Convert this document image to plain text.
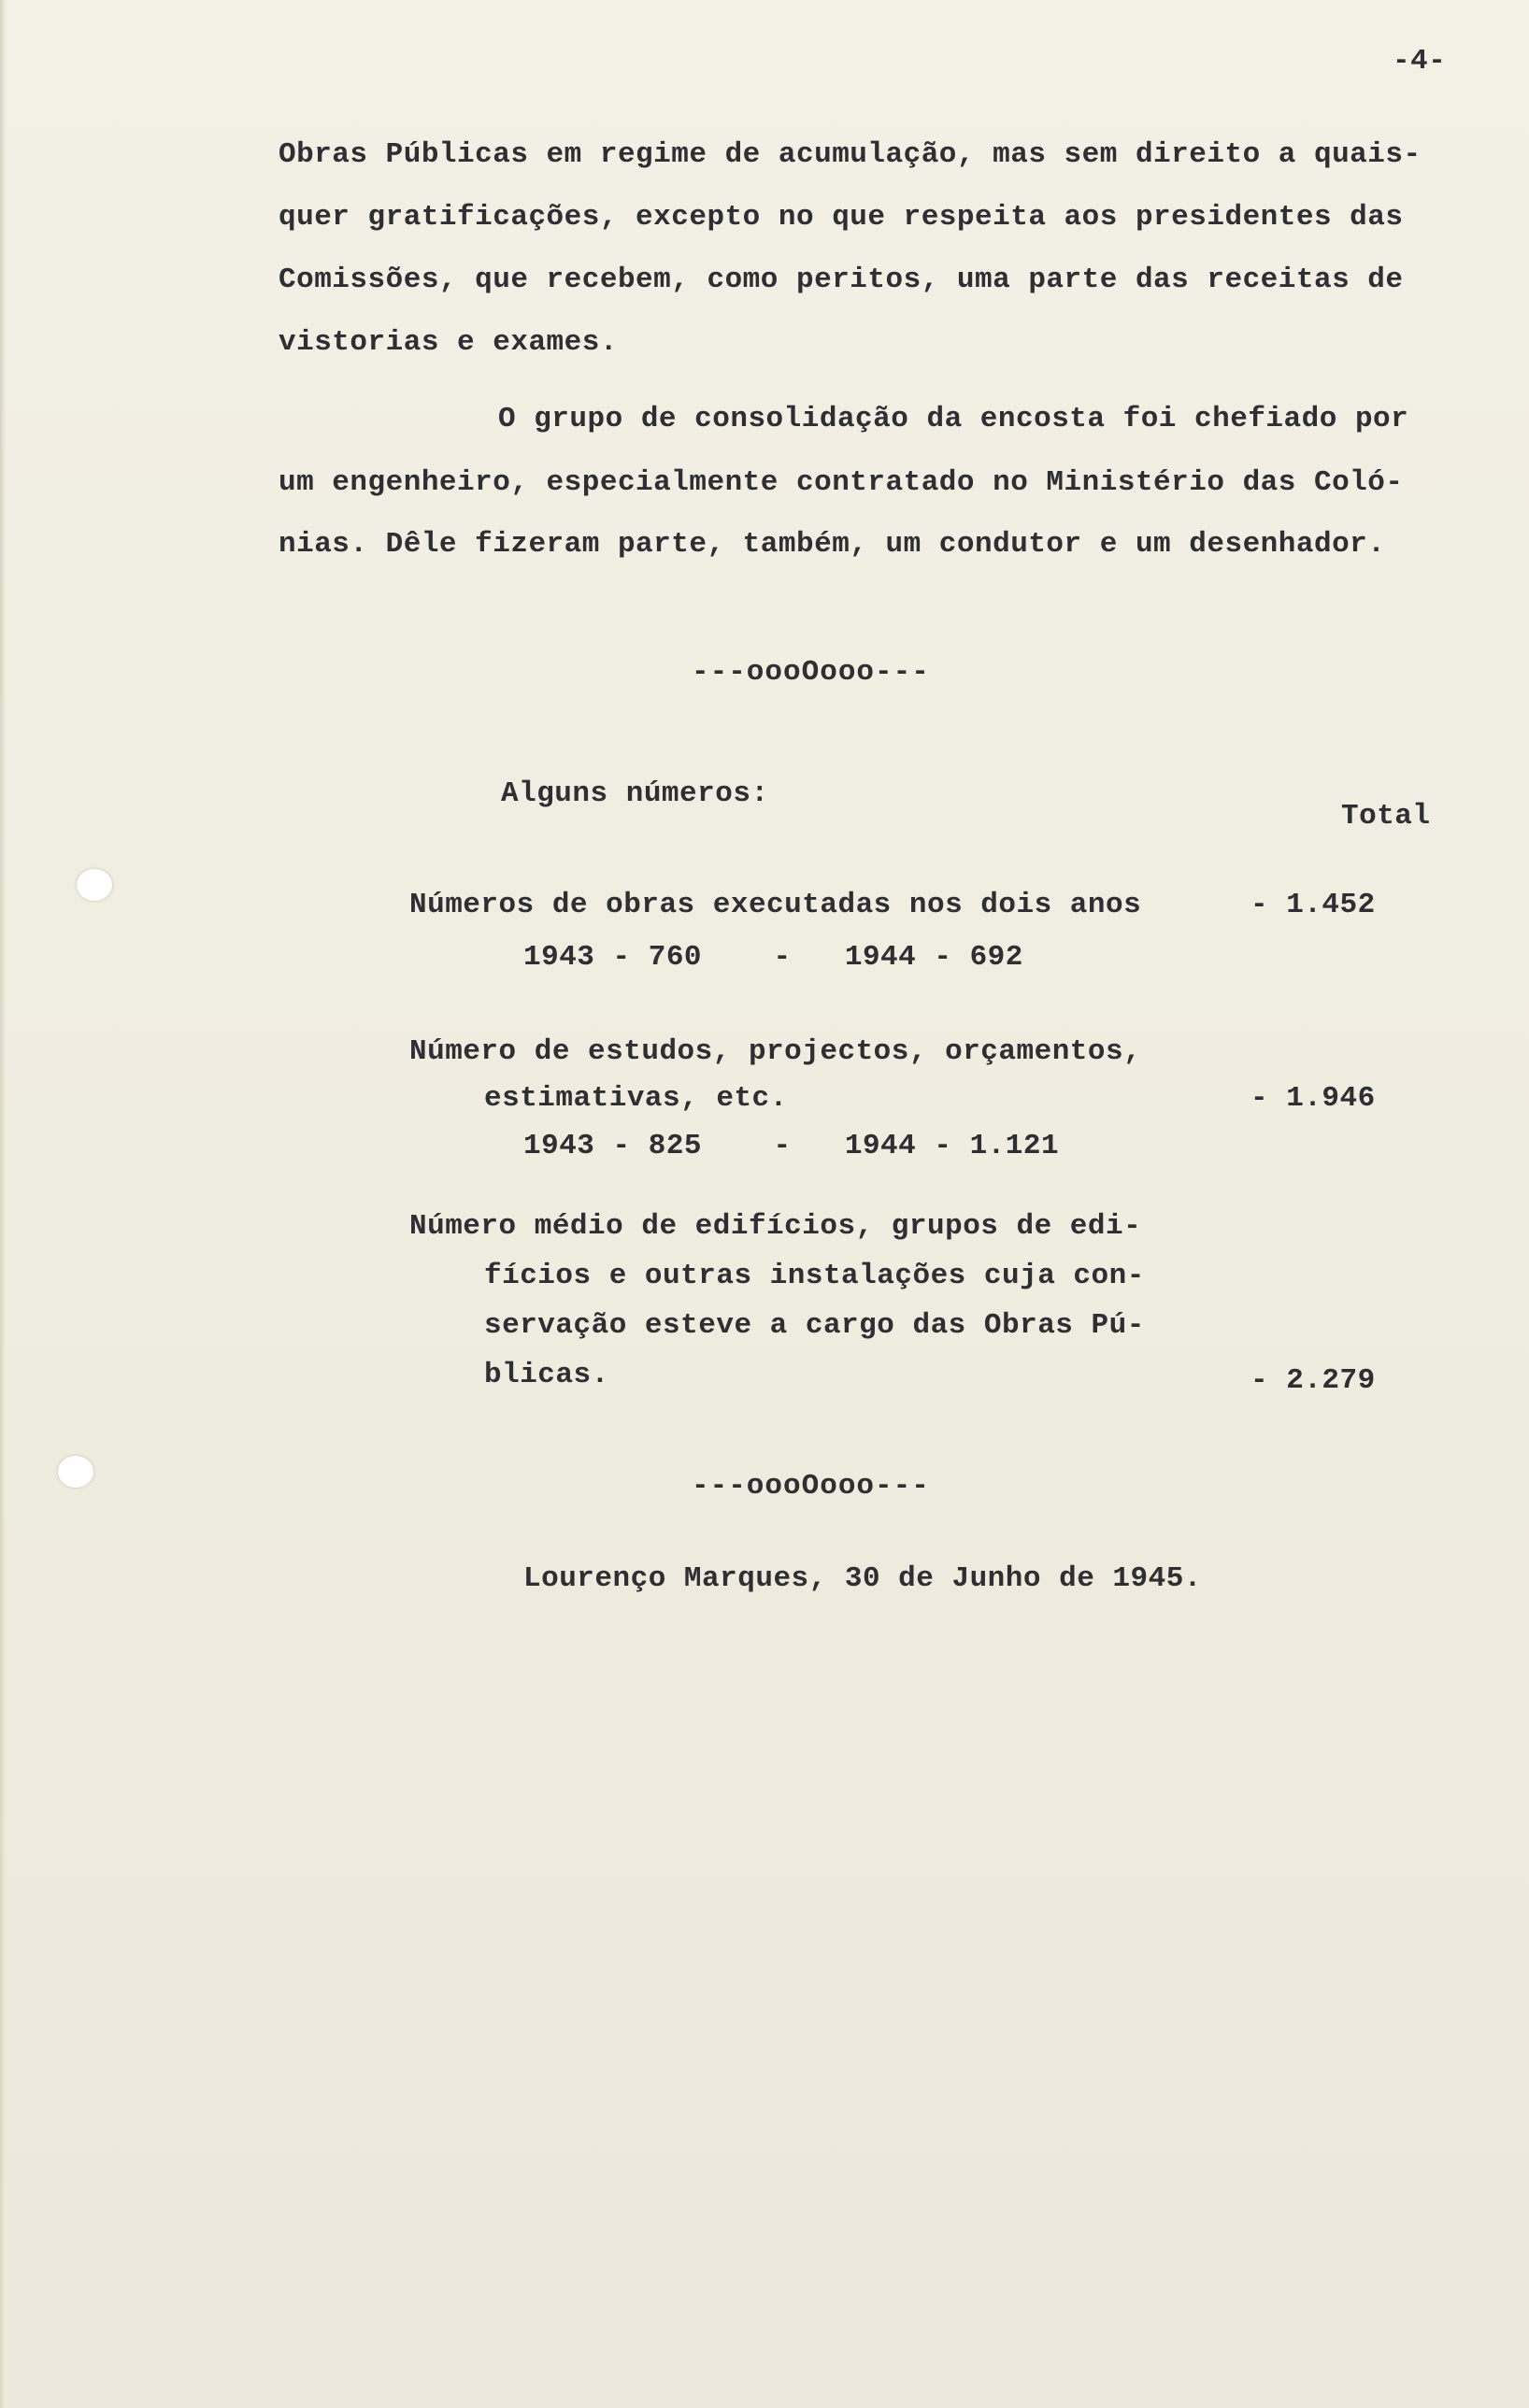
-4-
Obras Públicas em regime de acumulação, mas sem direito a quais-
quer gratificações, excepto no que respeita aos presidentes das
Comissões, que recebem, como peritos, uma parte das receitas de
vistorias e exames.
O grupo de consolidação da encosta foi chefiado por
um engenheiro, especialmente contratado no Ministério das Coló-
nias. Dêle fizeram parte, também, um condutor e um desenhador.
---oooOooo---
Alguns números:
Total
Números de obras executadas nos dois anos	- 1.452
1943 - 760    -   1944 - 692
Número de estudos, projectos, orçamentos,
estimativas, etc.	- 1.946
1943 - 825    -   1944 - 1.121
Número médio de edifícios, grupos de edi-
fícios e outras instalações cuja con-
servação esteve a cargo das Obras Pú-
blicas.	- 2.279
---oooOooo---
Lourenço Marques, 30 de Junho de 1945.
